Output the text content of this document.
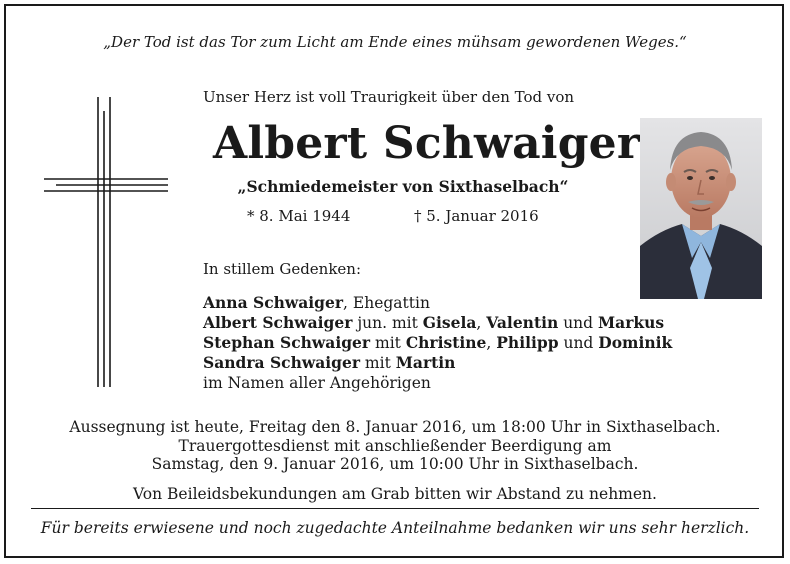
„Der Tod ist das Tor zum Licht am Ende eines mühsam gewordenen Weges.“
Unser Herz ist voll Traurigkeit über den Tod von
Albert Schwaiger
„Schmiedemeister von Sixthaselbach“
* 8. Mai 1944	† 5. Januar 2016
In stillem Gedenken:
Anna Schwaiger, Ehegattin
Albert Schwaiger jun. mit Gisela, Valentin und Markus
Stephan Schwaiger mit Christine, Philipp und Dominik
Sandra Schwaiger mit Martin
im Namen aller Angehörigen
Aussegnung ist heute, Freitag den 8. Januar 2016, um 18:00 Uhr in Sixthaselbach.
Trauergottesdienst mit anschließender Beerdigung am
Samstag, den 9. Januar 2016, um 10:00 Uhr in Sixthaselbach.
Von Beileidsbekundungen am Grab bitten wir Abstand zu nehmen.
Für bereits erwiesene und noch zugedachte Anteilnahme bedanken wir uns sehr herzlich.
